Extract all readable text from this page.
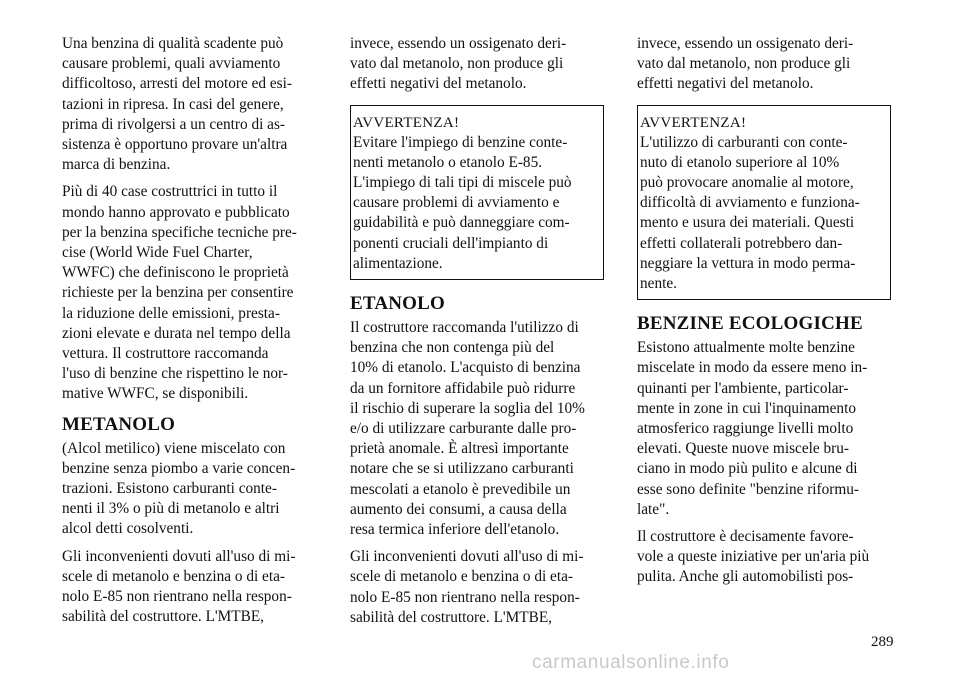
Una benzina di qualità scadente può
causare problemi, quali avviamento
difficoltoso, arresti del motore ed esi-
tazioni in ripresa. In casi del genere,
prima di rivolgersi a un centro di as-
sistenza è opportuno provare un'altra
marca di benzina.

Più di 40 case costruttrici in tutto il
mondo hanno approvato e pubblicato
per la benzina specifiche tecniche pre-
cise (World Wide Fuel Charter,
WWFC) che definiscono le proprietà
richieste per la benzina per consentire
la riduzione delle emissioni, presta-
zioni elevate e durata nel tempo della
vettura. Il costruttore raccomanda
l'uso di benzine che rispettino le nor-
mative WWFC, se disponibili.

METANOLO

(Alcol metilico) viene miscelato con
benzine senza piombo a varie concen-
trazioni. Esistono carburanti conte-
nenti il 3% o più di metanolo e altri
alcol detti cosolventi.

Gli inconvenienti dovuti all'uso di mi-
scele di metanolo e benzina o di eta-
nolo E-85 non rientrano nella respon-
sabilità del costruttore. L'MTBE,

invece, essendo un ossigenato deri-
vato dal metanolo, non produce gli
effetti negativi del metanolo.

AVVERTENZA!
Evitare l'impiego di benzine conte-
nenti metanolo o etanolo E-85.
L'impiego di tali tipi di miscele può
causare problemi di avviamento e
guidabilità e può danneggiare com-
ponenti cruciali dell'impianto di
alimentazione.
ETANOLO

Il costruttore raccomanda l'utilizzo di
benzina che non contenga più del
10% di etanolo. L'acquisto di benzina
da un fornitore affidabile può ridurre
il rischio di superare la soglia del 10%
e/o di utilizzare carburante dalle pro-
prietà anomale. È altresì importante
notare che se si utilizzano carburanti
mescolati a etanolo è prevedibile un
aumento dei consumi, a causa della
resa termica inferiore dell'etanolo.

Gli inconvenienti dovuti all'uso di mi-
scele di metanolo e benzina o di eta-
nolo E-85 non rientrano nella respon-
sabilità del costruttore. L'MTBE,

invece, essendo un ossigenato deri-
vato dal metanolo, non produce gli
effetti negativi del metanolo.

AVVERTENZA!
L'utilizzo di carburanti con conte-
nuto di etanolo superiore al 10%
può provocare anomalie al motore,
difficoltà di avviamento e funziona-
mento e usura dei materiali. Questi
effetti collaterali potrebbero dan-
neggiare la vettura in modo perma-
nente.
BENZINE ECOLOGICHE

Esistono attualmente molte benzine
miscelate in modo da essere meno in-
quinanti per l'ambiente, particolar-
mente in zone in cui l'inquinamento
atmosferico raggiunge livelli molto
elevati. Queste nuove miscele bru-
ciano in modo più pulito e alcune di
esse sono definite "benzine riformu-
late".

Il costruttore è decisamente favore-
vole a queste iniziative per un'aria più
pulita. Anche gli automobilisti pos-

289
carmanualsonline.info
